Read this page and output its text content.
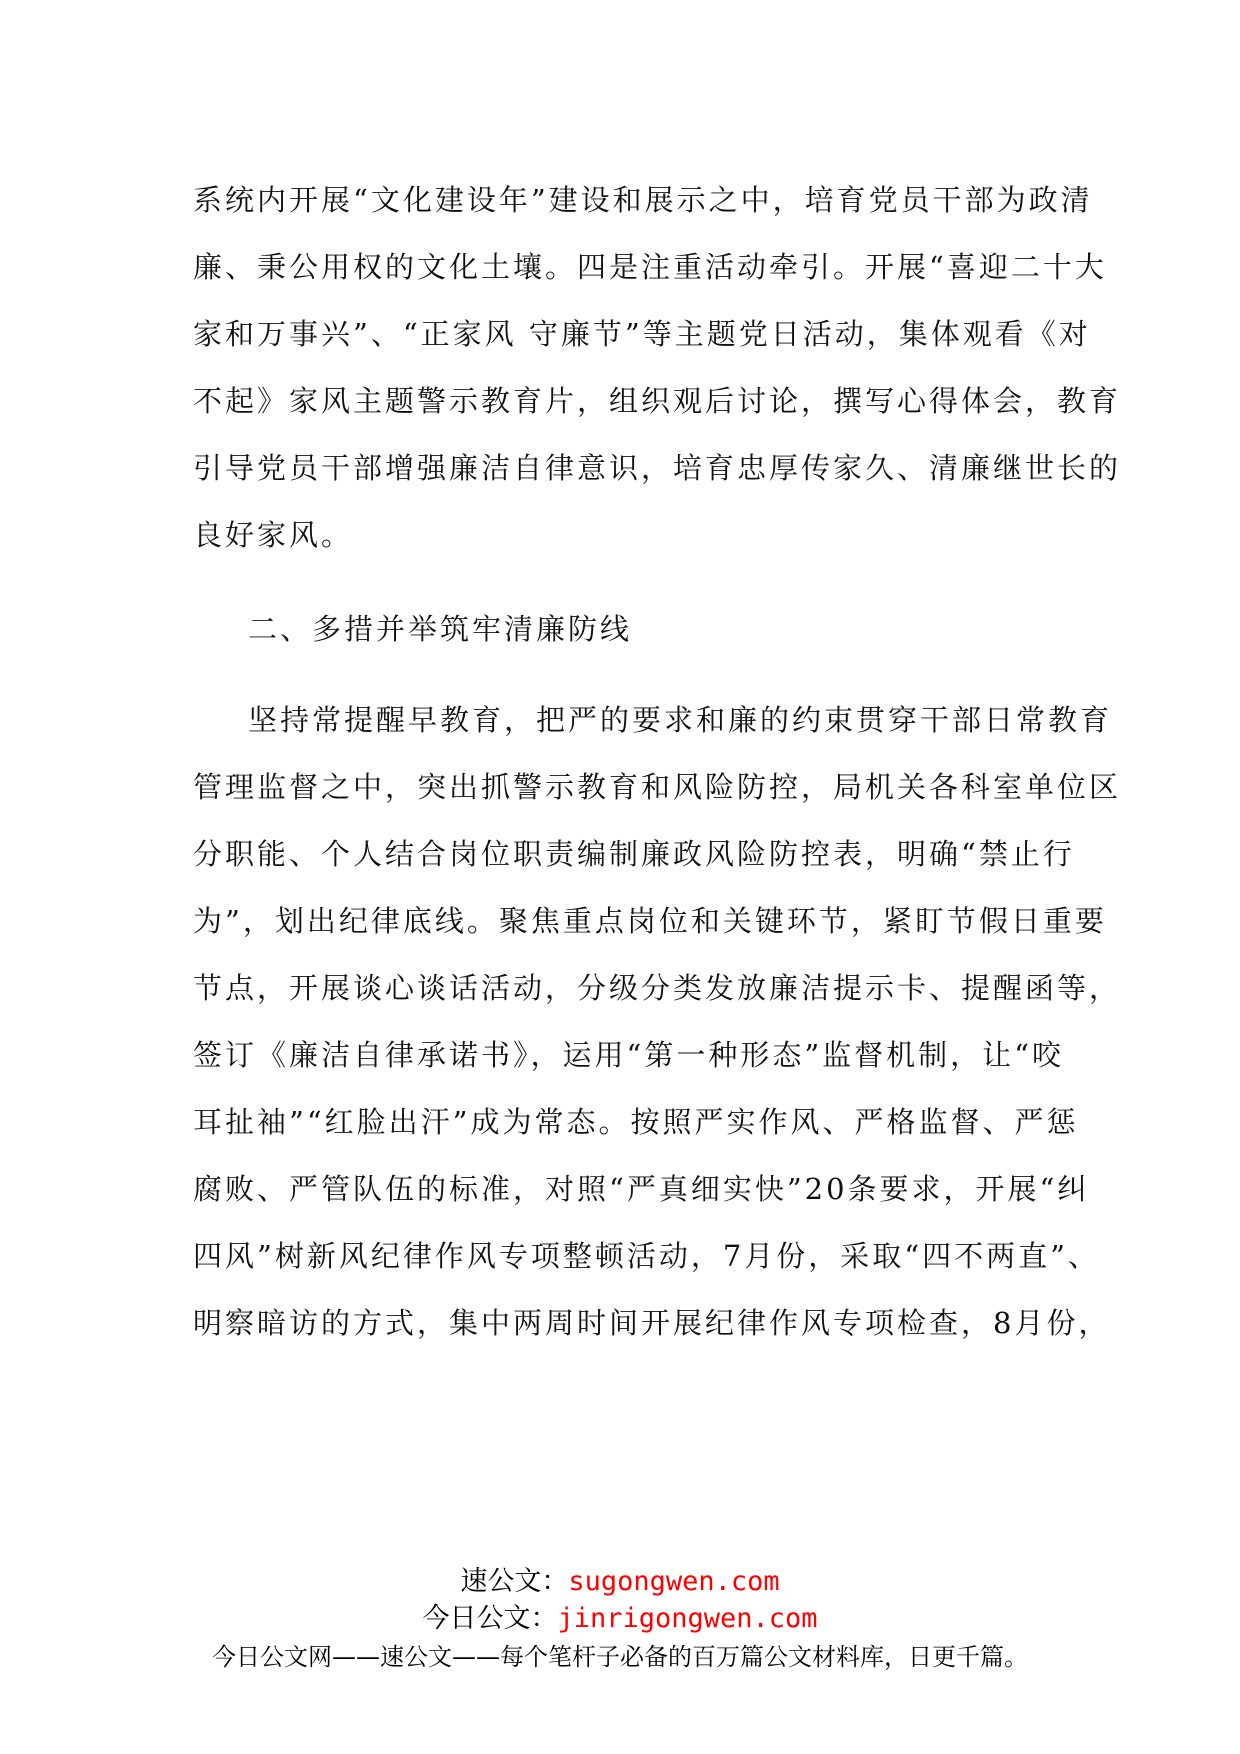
系统内开展“文化建设年”建设和展示之中，培育党员干部为政清
廉、秉公用权的文化土壤。四是注重活动牵引。开展“喜迎二十大
家和万事兴”、“正家风 守廉节”等主题党日活动，集体观看《对
不起》家风主题警示教育片，组织观后讨论，撰写心得体会，教育
引导党员干部增强廉洁自律意识，培育忠厚传家久、清廉继世长的
良好家风。
二、多措并举筑牢清廉防线
坚持常提醒早教育，把严的要求和廉的约束贯穿干部日常教育
管理监督之中，突出抓警示教育和风险防控，局机关各科室单位区
分职能、个人结合岗位职责编制廉政风险防控表，明确“禁止行
为”，划出纪律底线。聚焦重点岗位和关键环节，紧盯节假日重要
节点，开展谈心谈话活动，分级分类发放廉洁提示卡、提醒函等，
签订《廉洁自律承诺书》，运用“第一种形态”监督机制，让“咬
耳扯袖”“红脸出汗”成为常态。按照严实作风、严格监督、严惩
腐败、严管队伍的标准，对照“严真细实快”20条要求，开展“纠
四风”树新风纪律作风专项整顿活动，7月份，采取“四不两直”、
明察暗访的方式，集中两周时间开展纪律作风专项检查，8月份，
速公文：sugongwen.com
今日公文：jinrigongwen.com
今日公文网——速公文——每个笔杆子必备的百万篇公文材料库，日更千篇。
